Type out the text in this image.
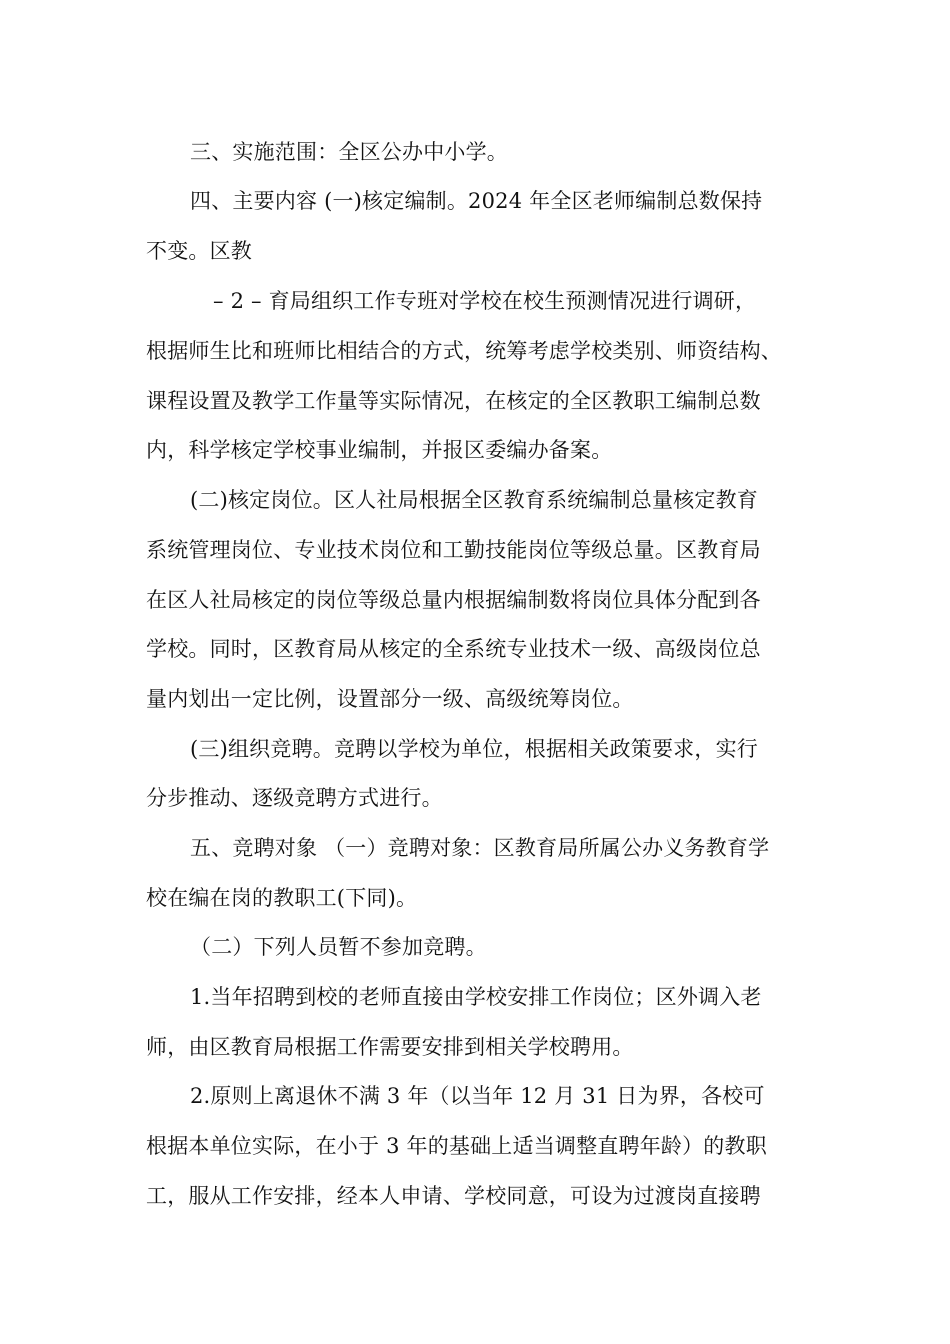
三、实施范围：全区公办中小学。
四、主要内容 (一)核定编制。2024 年全区老师编制总数保持
不变。区教
– 2 – 育局组织工作专班对学校在校生预测情况进行调研，
根据师生比和班师比相结合的方式，统筹考虑学校类别、师资结构、
课程设置及教学工作量等实际情况，在核定的全区教职工编制总数
内，科学核定学校事业编制，并报区委编办备案。
(二)核定岗位。区人社局根据全区教育系统编制总量核定教育
系统管理岗位、专业技术岗位和工勤技能岗位等级总量。区教育局
在区人社局核定的岗位等级总量内根据编制数将岗位具体分配到各
学校。同时，区教育局从核定的全系统专业技术一级、高级岗位总
量内划出一定比例，设置部分一级、高级统筹岗位。
(三)组织竞聘。竞聘以学校为单位，根据相关政策要求，实行
分步推动、逐级竞聘方式进行。
五、竞聘对象 （一）竞聘对象：区教育局所属公办义务教育学
校在编在岗的教职工(下同)。
（二）下列人员暂不参加竞聘。
1.当年招聘到校的老师直接由学校安排工作岗位；区外调入老
师，由区教育局根据工作需要安排到相关学校聘用。
2.原则上离退休不满 3 年（以当年 12 月 31 日为界，各校可
根据本单位实际，在小于 3 年的基础上适当调整直聘年龄）的教职
工，服从工作安排，经本人申请、学校同意，可设为过渡岗直接聘
